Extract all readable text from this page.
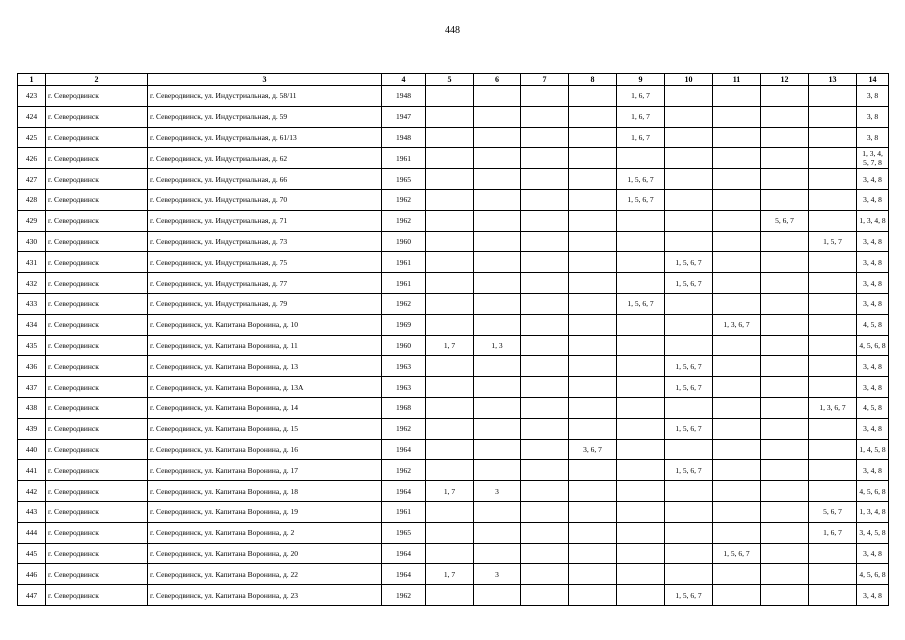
448
1	2	3	4	5	6	7	8	9	10	11	12	13	14
423	г. Северодвинск	г. Северодвинск, ул. Индустриальная, д. 58/11	1948					1, 6, 7					3, 8
424	г. Северодвинск	г. Северодвинск, ул. Индустриальная, д. 59	1947					1, 6, 7					3, 8
425	г. Северодвинск	г. Северодвинск, ул. Индустриальная, д. 61/13	1948					1, 6, 7					3, 8
426	г. Северодвинск	г. Северодвинск, ул. Индустриальная, д. 62	1961										1, 3, 4, 5, 7, 8
427	г. Северодвинск	г. Северодвинск, ул. Индустриальная, д. 66	1965					1, 5, 6, 7					3, 4, 8
428	г. Северодвинск	г. Северодвинск, ул. Индустриальная, д. 70	1962					1, 5, 6, 7					3, 4, 8
429	г. Северодвинск	г. Северодвинск, ул. Индустриальная, д. 71	1962								5, 6, 7		1, 3, 4, 8
430	г. Северодвинск	г. Северодвинск, ул. Индустриальная, д. 73	1960									1, 5, 7	3, 4, 8
431	г. Северодвинск	г. Северодвинск, ул. Индустриальная, д. 75	1961						1, 5, 6, 7				3, 4, 8
432	г. Северодвинск	г. Северодвинск, ул. Индустриальная, д. 77	1961						1, 5, 6, 7				3, 4, 8
433	г. Северодвинск	г. Северодвинск, ул. Индустриальная, д. 79	1962					1, 5, 6, 7					3, 4, 8
434	г. Северодвинск	г. Северодвинск, ул. Капитана Воронина, д. 10	1969							1, 3, 6, 7			4, 5, 8
435	г. Северодвинск	г. Северодвинск, ул. Капитана Воронина, д. 11	1960	1, 7	1, 3								4, 5, 6, 8
436	г. Северодвинск	г. Северодвинск, ул. Капитана Воронина, д. 13	1963						1, 5, 6, 7				3, 4, 8
437	г. Северодвинск	г. Северодвинск, ул. Капитана Воронина, д. 13А	1963						1, 5, 6, 7				3, 4, 8
438	г. Северодвинск	г. Северодвинск, ул. Капитана Воронина, д. 14	1968									1, 3, 6, 7	4, 5, 8
439	г. Северодвинск	г. Северодвинск, ул. Капитана Воронина, д. 15	1962						1, 5, 6, 7				3, 4, 8
440	г. Северодвинск	г. Северодвинск, ул. Капитана Воронина, д. 16	1964				3, 6, 7						1, 4, 5, 8
441	г. Северодвинск	г. Северодвинск, ул. Капитана Воронина, д. 17	1962						1, 5, 6, 7				3, 4, 8
442	г. Северодвинск	г. Северодвинск, ул. Капитана Воронина, д. 18	1964	1, 7	3								4, 5, 6, 8
443	г. Северодвинск	г. Северодвинск, ул. Капитана Воронина, д. 19	1961									5, 6, 7	1, 3, 4, 8
444	г. Северодвинск	г. Северодвинск, ул. Капитана Воронина, д. 2	1965									1, 6, 7	3, 4, 5, 8
445	г. Северодвинск	г. Северодвинск, ул. Капитана Воронина, д. 20	1964							1, 5, 6, 7			3, 4, 8
446	г. Северодвинск	г. Северодвинск, ул. Капитана Воронина, д. 22	1964	1, 7	3								4, 5, 6, 8
447	г. Северодвинск	г. Северодвинск, ул. Капитана Воронина, д. 23	1962						1, 5, 6, 7				3, 4, 8
